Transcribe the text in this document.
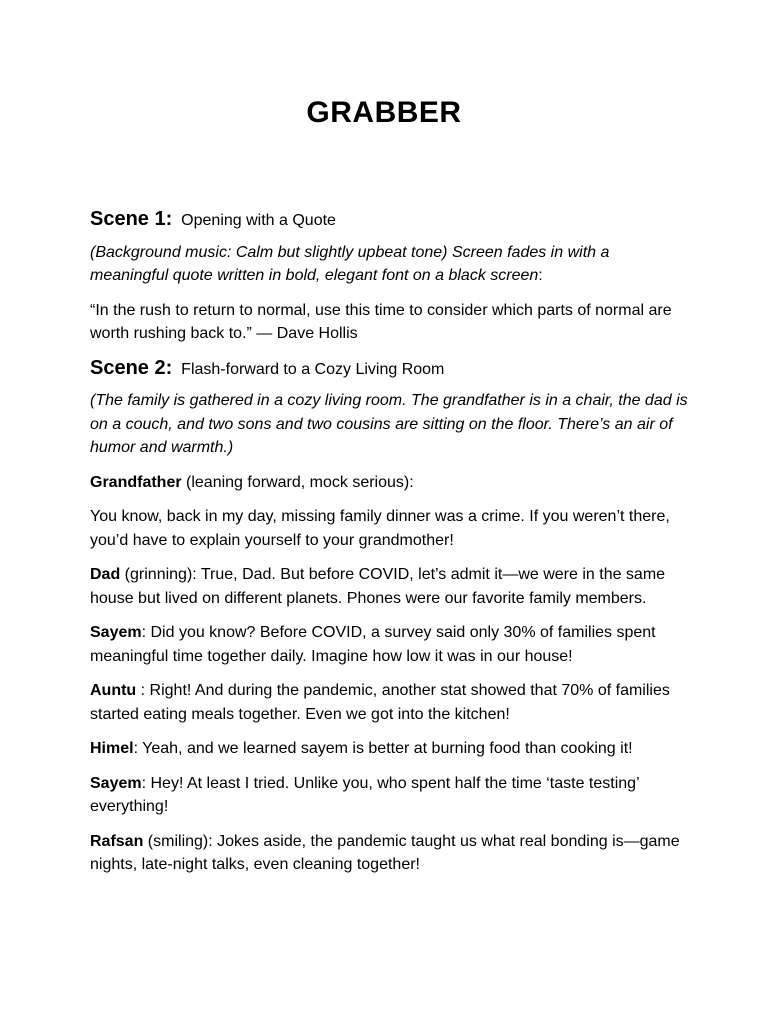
GRABBER
Scene 1: Opening with a Quote

(Background music: Calm but slightly upbeat tone) Screen fades in with a meaningful quote written in bold, elegant font on a black screen:

“In the rush to return to normal, use this time to consider which parts of normal are worth rushing back to.” — Dave Hollis

Scene 2: Flash-forward to a Cozy Living Room

(The family is gathered in a cozy living room. The grandfather is in a chair, the dad is on a couch, and two sons and two cousins are sitting on the floor. There’s an air of humor and warmth.)

Grandfather (leaning forward, mock serious):

You know, back in my day, missing family dinner was a crime. If you weren’t there, you’d have to explain yourself to your grandmother!

Dad (grinning): True, Dad. But before COVID, let’s admit it—we were in the same house but lived on different planets. Phones were our favorite family members.

Sayem: Did you know? Before COVID, a survey said only 30% of families spent meaningful time together daily. Imagine how low it was in our house!

Auntu : Right! And during the pandemic, another stat showed that 70% of families started eating meals together. Even we got into the kitchen!

Himel: Yeah, and we learned sayem is better at burning food than cooking it!

Sayem: Hey! At least I tried. Unlike you, who spent half the time ‘taste testing’ everything!

Rafsan (smiling): Jokes aside, the pandemic taught us what real bonding is—game nights, late-night talks, even cleaning together!
